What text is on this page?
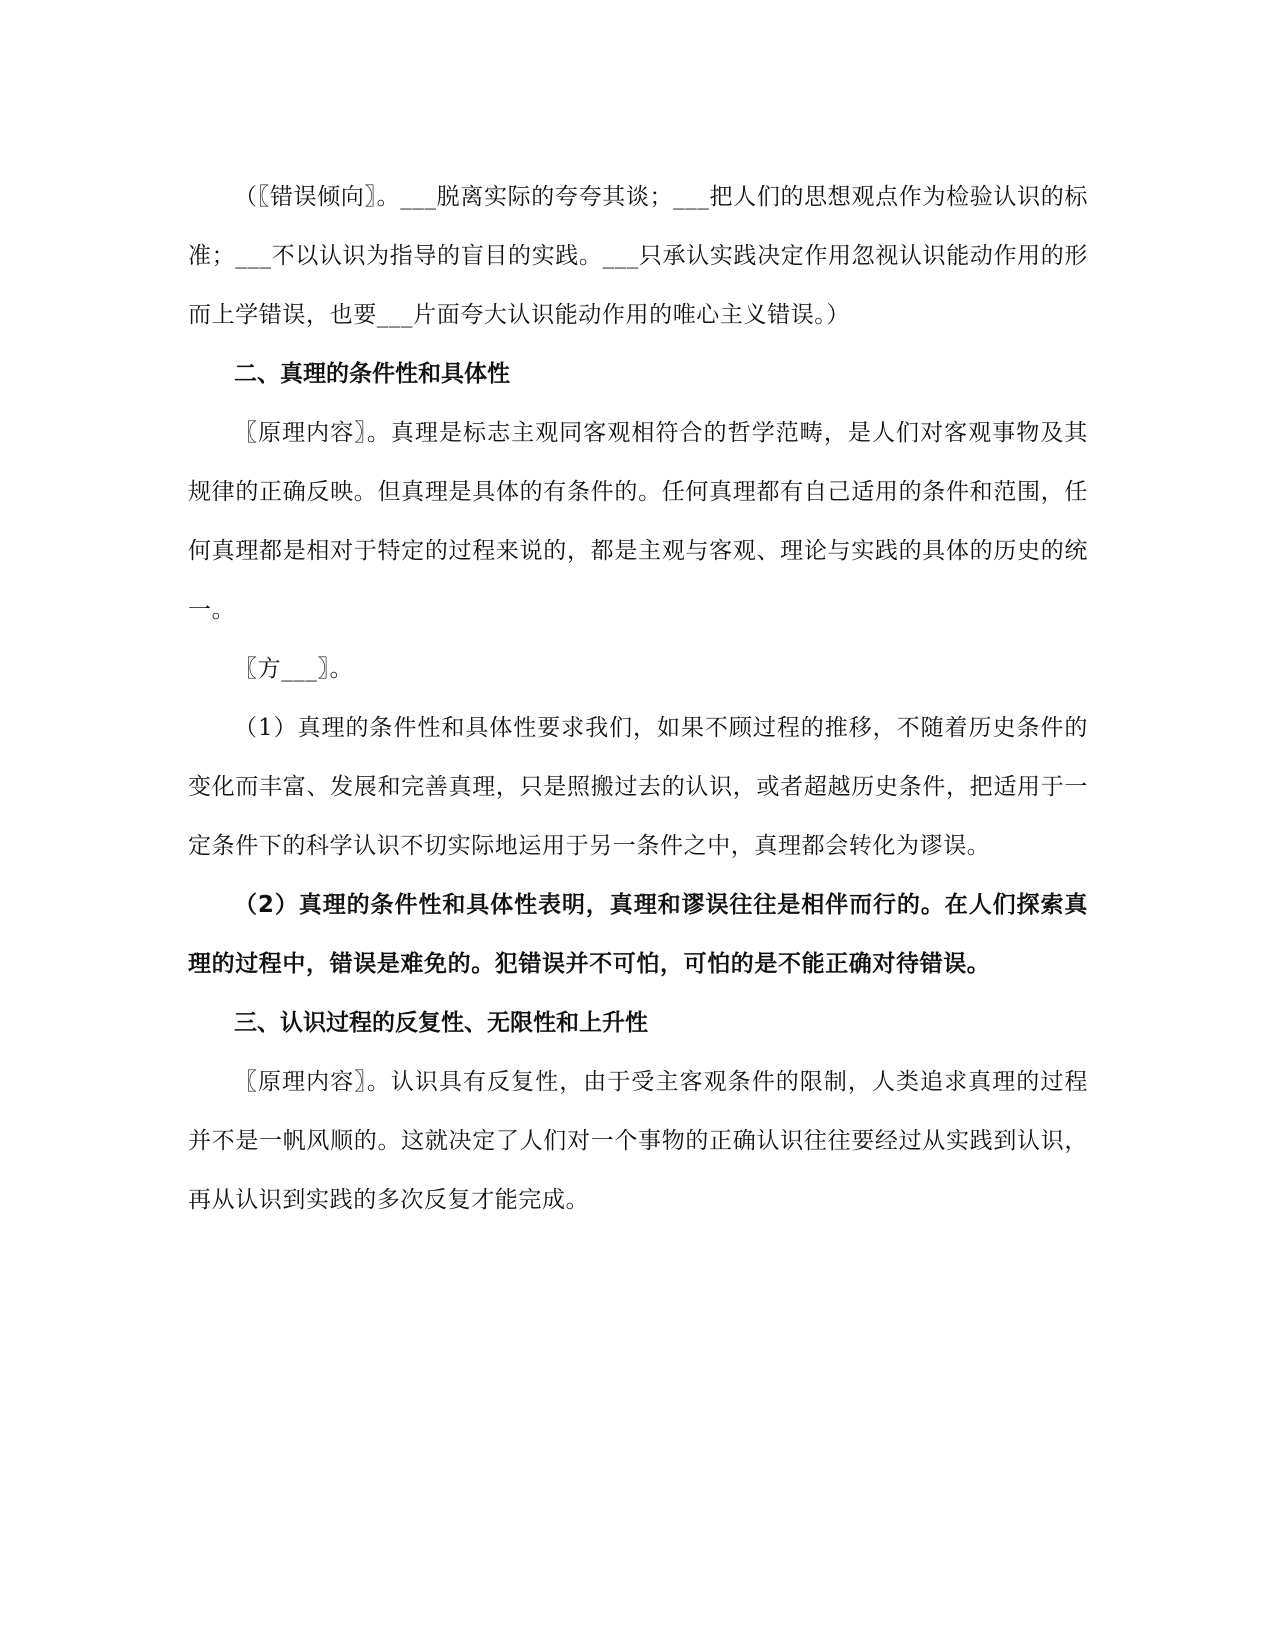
（〖错误倾向〗。___脱离实际的夸夸其谈；___把人们的思想观点作为检验认识的标准；___不以认识为指导的盲目的实践。___只承认实践决定作用忽视认识能动作用的形而上学错误，也要___片面夸大认识能动作用的唯心主义错误。）

二、真理的条件性和具体性

〖原理内容〗。真理是标志主观同客观相符合的哲学范畴，是人们对客观事物及其规律的正确反映。但真理是具体的有条件的。任何真理都有自己适用的条件和范围，任何真理都是相对于特定的过程来说的，都是主观与客观、理论与实践的具体的历史的统一。

〖方___〗。

（1）真理的条件性和具体性要求我们，如果不顾过程的推移，不随着历史条件的变化而丰富、发展和完善真理，只是照搬过去的认识，或者超越历史条件，把适用于一定条件下的科学认识不切实际地运用于另一条件之中，真理都会转化为谬误。

（2）真理的条件性和具体性表明，真理和谬误往往是相伴而行的。在人们探索真理的过程中，错误是难免的。犯错误并不可怕，可怕的是不能正确对待错误。

三、认识过程的反复性、无限性和上升性

〖原理内容〗。认识具有反复性，由于受主客观条件的限制，人类追求真理的过程并不是一帆风顺的。这就决定了人们对一个事物的正确认识往往要经过从实践到认识，再从认识到实践的多次反复才能完成。
